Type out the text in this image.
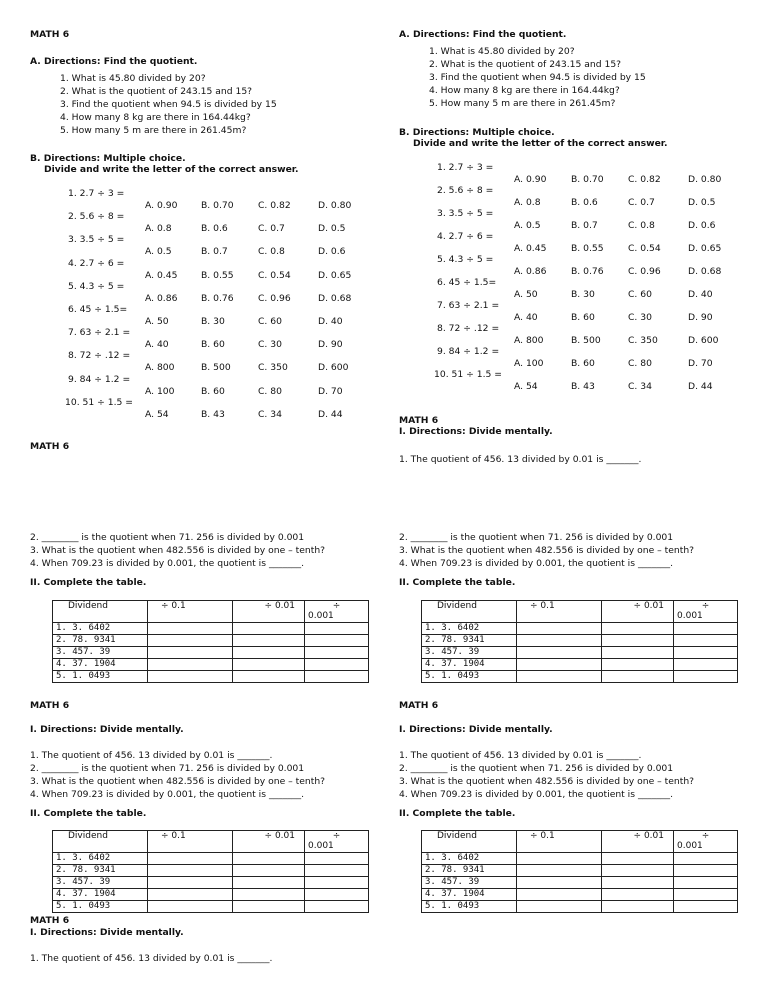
MATH 6
A. Directions: Find the quotient.
1. What is 45.80 divided by 20?
2. What is the quotient of 243.15 and 15?
3. Find the quotient when 94.5 is divided by 15
4. How many 8 kg are there in 164.44kg?
5. How many 5 m are there in 261.45m?
B. Directions: Multiple choice.
Divide and write the letter of the correct answer.
1. 2.7 ÷ 3 =
A. 0.90	B. 0.70	C. 0.82	D. 0.80
2. 5.6 ÷ 8 =
A. 0.8	B. 0.6	C. 0.7	D. 0.5
3. 3.5 ÷ 5 =
A. 0.5	B. 0.7	C. 0.8	D. 0.6
4. 2.7 ÷ 6 =
A. 0.45	B. 0.55	C. 0.54	D. 0.65
5. 4.3 ÷ 5 =
A. 0.86	B. 0.76	C. 0.96	D. 0.68
6. 45 ÷ 1.5=
A. 50	B. 30	C. 60	D. 40
7. 63 ÷ 2.1 =
A. 40	B. 60	C. 30	D. 90
8. 72 ÷ .12 =
A. 800	B. 500	C. 350	D. 600
9. 84 ÷ 1.2 =
A. 100	B. 60	C. 80	D. 70
10. 51 ÷ 1.5 =
A. 54	B. 43	C. 34	D. 44
MATH 6
2. ________ is the quotient when 71. 256 is divided by 0.001
3. What is the quotient when 482.556 is divided by one – tenth?
4. When 709.23 is divided by 0.001, the quotient is _______.
II. Complete the table.
Dividend	÷ 0.1	÷ 0.01	÷
0.001

1. 3. 6402			
2. 78. 9341			
3. 457. 39			
4. 37. 1904			
5. 1. 0493			
MATH 6
I. Directions: Divide mentally.
1. The quotient of 456. 13 divided by 0.01 is _______.
2. ________ is the quotient when 71. 256 is divided by 0.001
3. What is the quotient when 482.556 is divided by one – tenth?
4. When 709.23 is divided by 0.001, the quotient is _______.
II. Complete the table.
Dividend	÷ 0.1	÷ 0.01	÷
0.001

1. 3. 6402			
2. 78. 9341			
3. 457. 39			
4. 37. 1904			
5. 1. 0493			
MATH 6
I. Directions: Divide mentally.
1. The quotient of 456. 13 divided by 0.01 is _______.
A. Directions: Find the quotient.
1. What is 45.80 divided by 20?
2. What is the quotient of 243.15 and 15?
3. Find the quotient when 94.5 is divided by 15
4. How many 8 kg are there in 164.44kg?
5. How many 5 m are there in 261.45m?
B. Directions: Multiple choice.
Divide and write the letter of the correct answer.
1. 2.7 ÷ 3 =
A. 0.90	B. 0.70	C. 0.82	D. 0.80
2. 5.6 ÷ 8 =
A. 0.8	B. 0.6	C. 0.7	D. 0.5
3. 3.5 ÷ 5 =
A. 0.5	B. 0.7	C. 0.8	D. 0.6
4. 2.7 ÷ 6 =
A. 0.45	B. 0.55	C. 0.54	D. 0.65
5. 4.3 ÷ 5 =
A. 0.86	B. 0.76	C. 0.96	D. 0.68
6. 45 ÷ 1.5=
A. 50	B. 30	C. 60	D. 40
7. 63 ÷ 2.1 =
A. 40	B. 60	C. 30	D. 90
8. 72 ÷ .12 =
A. 800	B. 500	C. 350	D. 600
9. 84 ÷ 1.2 =
A. 100	B. 60	C. 80	D. 70
10. 51 ÷ 1.5 =
A. 54	B. 43	C. 34	D. 44
MATH 6
I. Directions: Divide mentally.
1. The quotient of 456. 13 divided by 0.01 is _______.
2. ________ is the quotient when 71. 256 is divided by 0.001
3. What is the quotient when 482.556 is divided by one – tenth?
4. When 709.23 is divided by 0.001, the quotient is _______.
II. Complete the table.
Dividend	÷ 0.1	÷ 0.01	÷
0.001

1. 3. 6402			
2. 78. 9341			
3. 457. 39			
4. 37. 1904			
5. 1. 0493			
MATH 6
I. Directions: Divide mentally.
1. The quotient of 456. 13 divided by 0.01 is _______.
2. ________ is the quotient when 71. 256 is divided by 0.001
3. What is the quotient when 482.556 is divided by one – tenth?
4. When 709.23 is divided by 0.001, the quotient is _______.
II. Complete the table.
Dividend	÷ 0.1	÷ 0.01	÷
0.001

1. 3. 6402			
2. 78. 9341			
3. 457. 39			
4. 37. 1904			
5. 1. 0493			
